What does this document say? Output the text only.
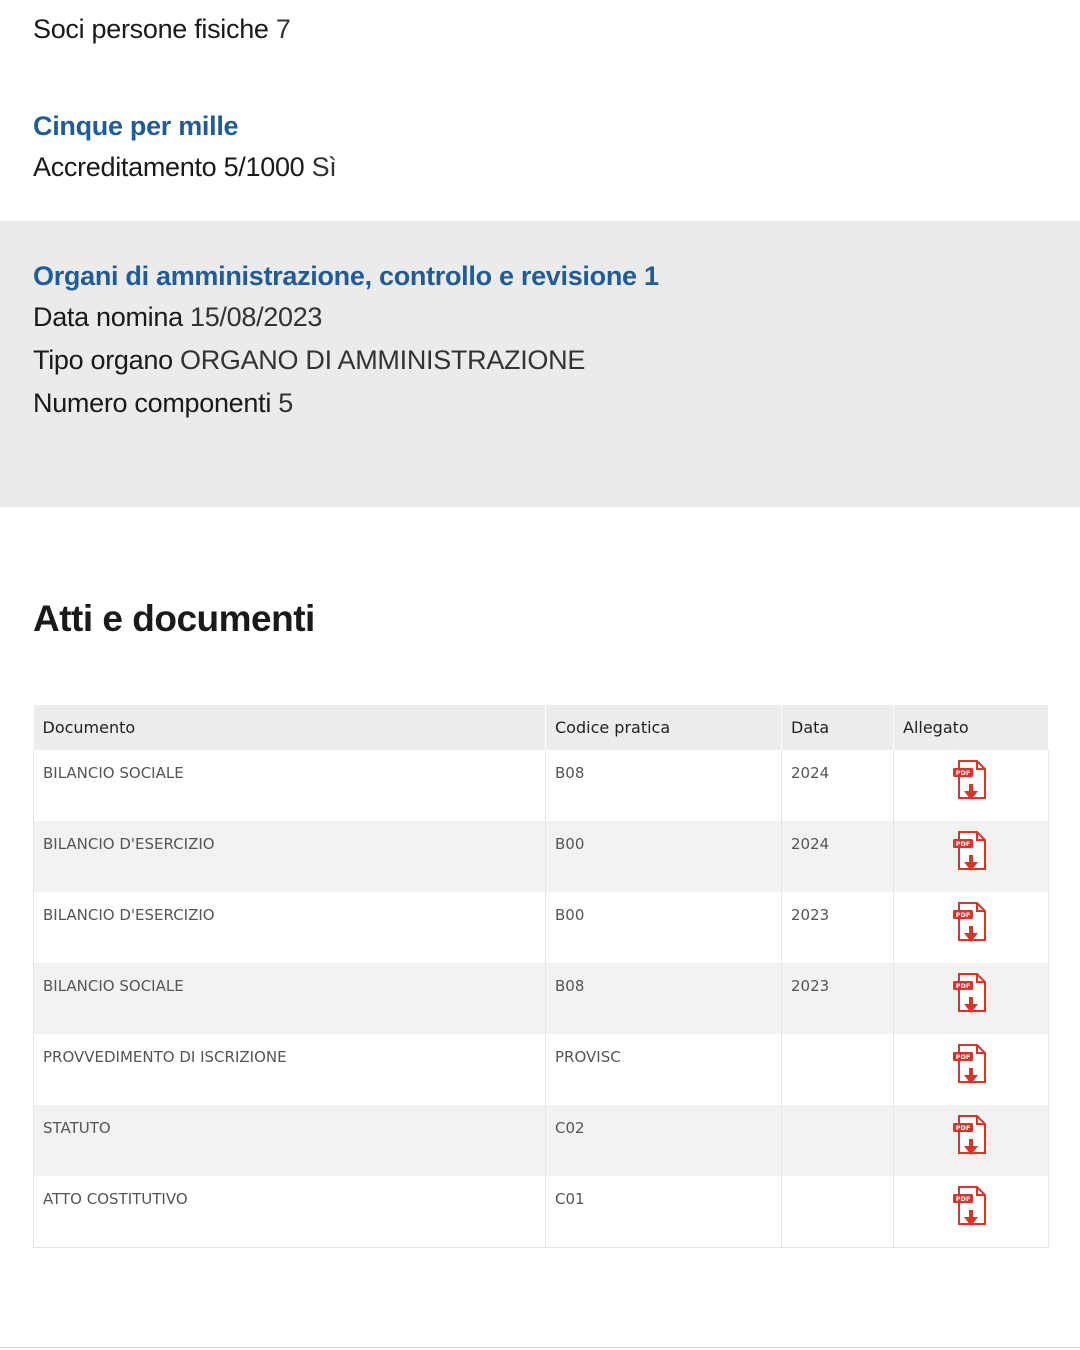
Soci persone fisiche 7
Cinque per mille
Accreditamento 5/1000 Sì
Organi di amministrazione, controllo e revisione 1
Data nomina 15/08/2023
Tipo organo ORGANO DI AMMINISTRAZIONE
Numero componenti 5
Atti e documenti
Documento	Codice pratica	Data	Allegato
BILANCIO SOCIALE	B08	2024	PDF

BILANCIO D'ESERCIZIO	B00	2024	PDF

BILANCIO D'ESERCIZIO	B00	2023	PDF

BILANCIO SOCIALE	B08	2023	PDF

PROVVEDIMENTO DI ISCRIZIONE	PROVISC		PDF

STATUTO	C02		PDF

ATTO COSTITUTIVO	C01		PDF
